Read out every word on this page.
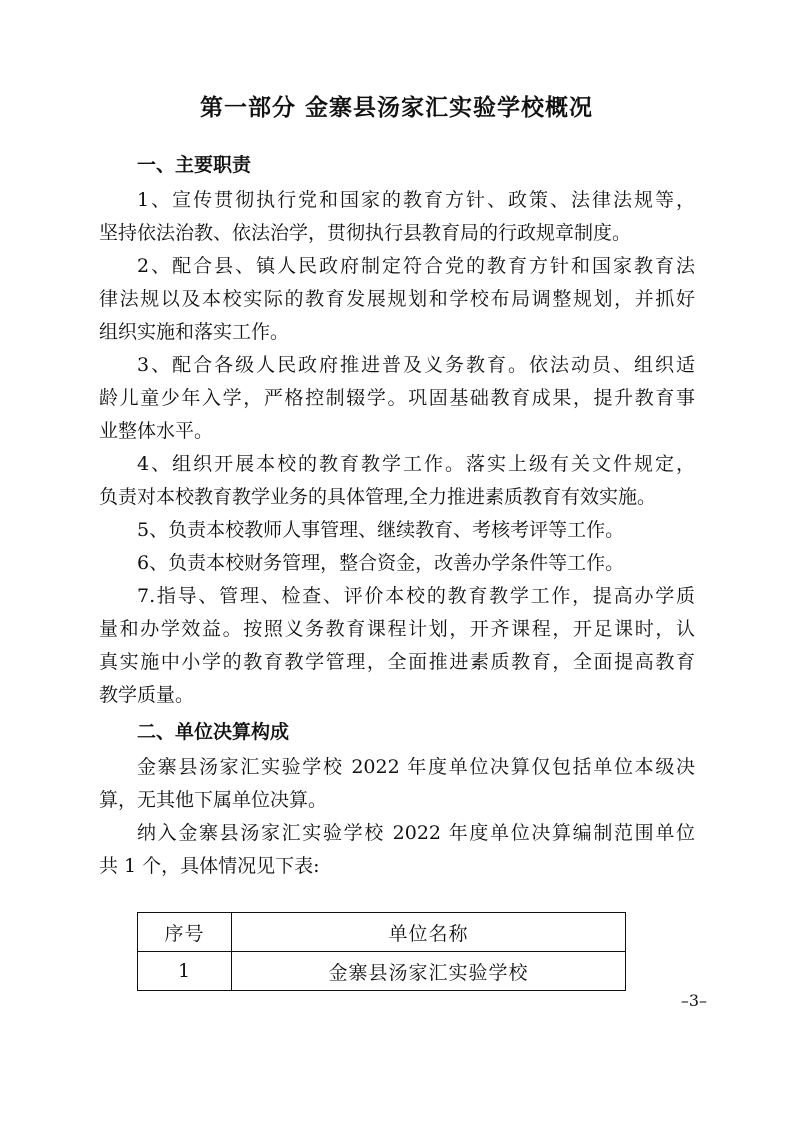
第一部分 金寨县汤家汇实验学校概况
一、主要职责
1、宣传贯彻执行党和国家的教育方针、政策、法律法规等，
坚持依法治教、依法治学，贯彻执行县教育局的行政规章制度。
2、配合县、镇人民政府制定符合党的教育方针和国家教育法
律法规以及本校实际的教育发展规划和学校布局调整规划，并抓好
组织实施和落实工作。
3、配合各级人民政府推进普及义务教育。依法动员、组织适
龄儿童少年入学，严格控制辍学。巩固基础教育成果，提升教育事
业整体水平。
4、组织开展本校的教育教学工作。落实上级有关文件规定，
负责对本校教育教学业务的具体管理,全力推进素质教育有效实施。
5、负责本校教师人事管理、继续教育、考核考评等工作。
6、负责本校财务管理，整合资金，改善办学条件等工作。
7.指导、管理、检查、评价本校的教育教学工作，提高办学质
量和办学效益。按照义务教育课程计划，开齐课程，开足课时，认
真实施中小学的教育教学管理，全面推进素质教育，全面提高教育
教学质量。
二、单位决算构成
金寨县汤家汇实验学校 2022 年度单位决算仅包括单位本级决
算，无其他下属单位决算。
纳入金寨县汤家汇实验学校 2022 年度单位决算编制范围单位
共 1 个，具体情况见下表:
序号	单位名称
1	金寨县汤家汇实验学校
–3–
